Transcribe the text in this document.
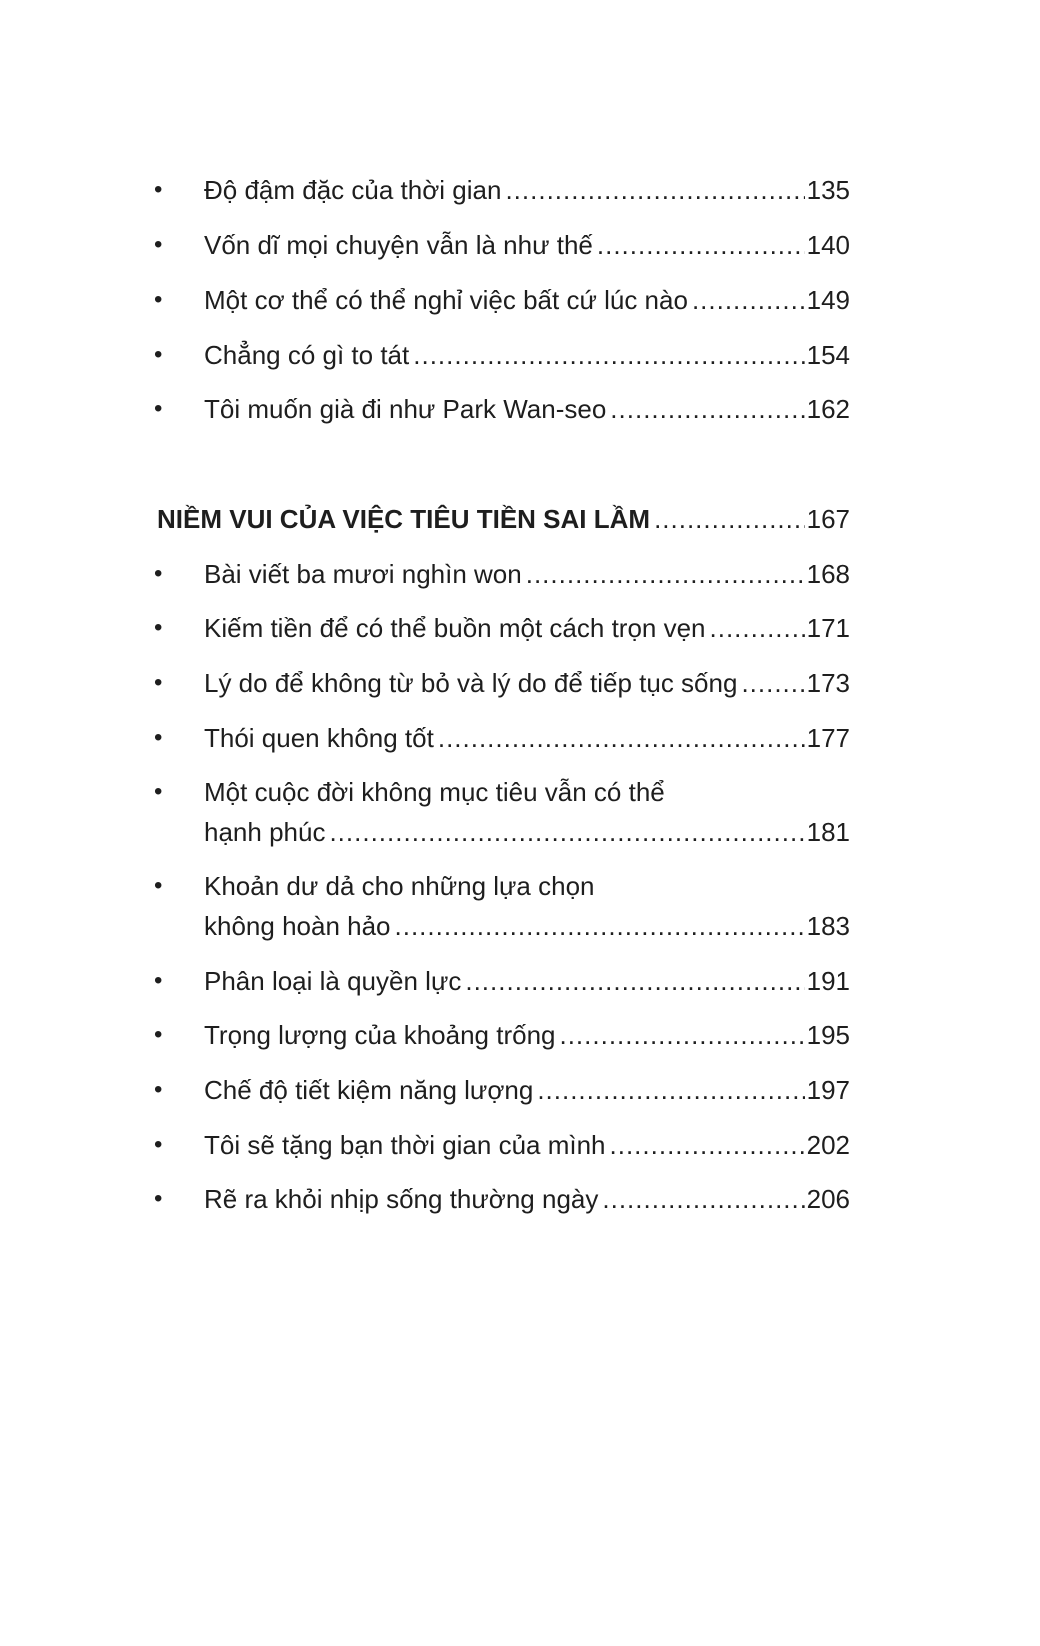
• Độ đậm đặc của thời gian .....	135
• Vốn dĩ mọi chuyện vẫn là như thế .....	140
• Một cơ thể có thể nghỉ việc bất cứ lúc nào .....	149
• Chẳng có gì to tát .....	154
• Tôi muốn già đi như Park Wan-seo .....	162
NIỀM VUI CỦA VIỆC TIÊU TIỀN SAI LẦM .....	167
• Bài viết ba mươi nghìn won .....	168
• Kiếm tiền để có thể buồn một cách trọn vẹn .....	171
• Lý do để không từ bỏ và lý do để tiếp tục sống .....	173
• Thói quen không tốt .....	177
• Một cuộc đời không mục tiêu vẫn có thể
hạnh phúc .....	181
• Khoản dư dả cho những lựa chọn
không hoàn hảo .....	183
• Phân loại là quyền lực .....	191
• Trọng lượng của khoảng trống .....	195
• Chế độ tiết kiệm năng lượng .....	197
• Tôi sẽ tặng bạn thời gian của mình .....	202
• Rẽ ra khỏi nhịp sống thường ngày .....	206
